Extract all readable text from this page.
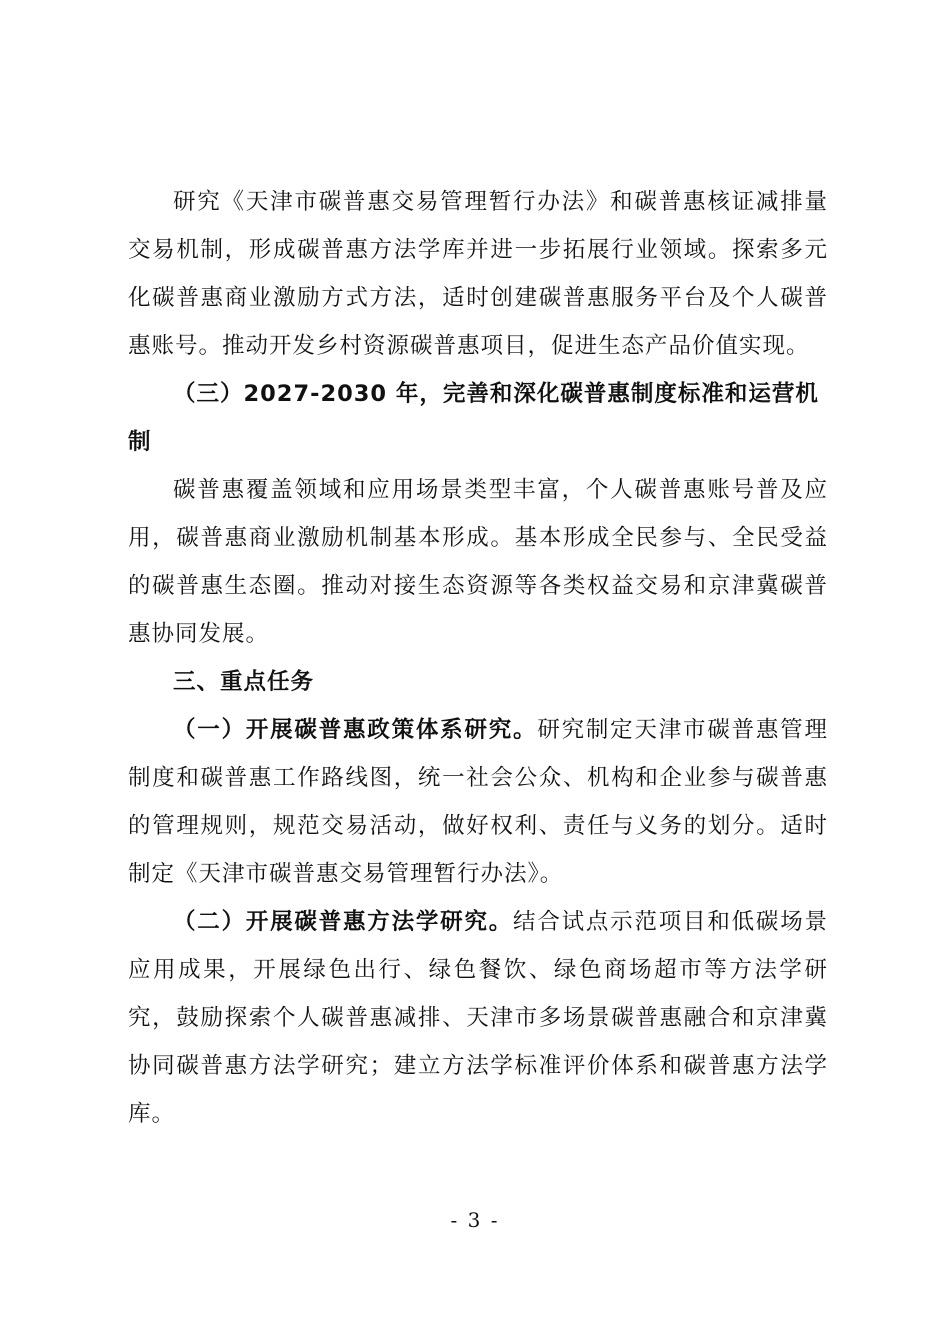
研究《天津市碳普惠交易管理暂行办法》和碳普惠核证减排量交易机制，形成碳普惠方法学库并进一步拓展行业领域。探索多元化碳普惠商业激励方式方法，适时创建碳普惠服务平台及个人碳普惠账号。推动开发乡村资源碳普惠项目，促进生态产品价值实现。

（三）2027-2030 年，完善和深化碳普惠制度标准和运营机制

碳普惠覆盖领域和应用场景类型丰富，个人碳普惠账号普及应用，碳普惠商业激励机制基本形成。基本形成全民参与、全民受益的碳普惠生态圈。推动对接生态资源等各类权益交易和京津冀碳普惠协同发展。

三、重点任务

（一）开展碳普惠政策体系研究。研究制定天津市碳普惠管理制度和碳普惠工作路线图，统一社会公众、机构和企业参与碳普惠的管理规则，规范交易活动，做好权利、责任与义务的划分。适时制定《天津市碳普惠交易管理暂行办法》。

（二）开展碳普惠方法学研究。结合试点示范项目和低碳场景应用成果，开展绿色出行、绿色餐饮、绿色商场超市等方法学研究，鼓励探索个人碳普惠减排、天津市多场景碳普惠融合和京津冀协同碳普惠方法学研究；建立方法学标准评价体系和碳普惠方法学库。

- 3 -
